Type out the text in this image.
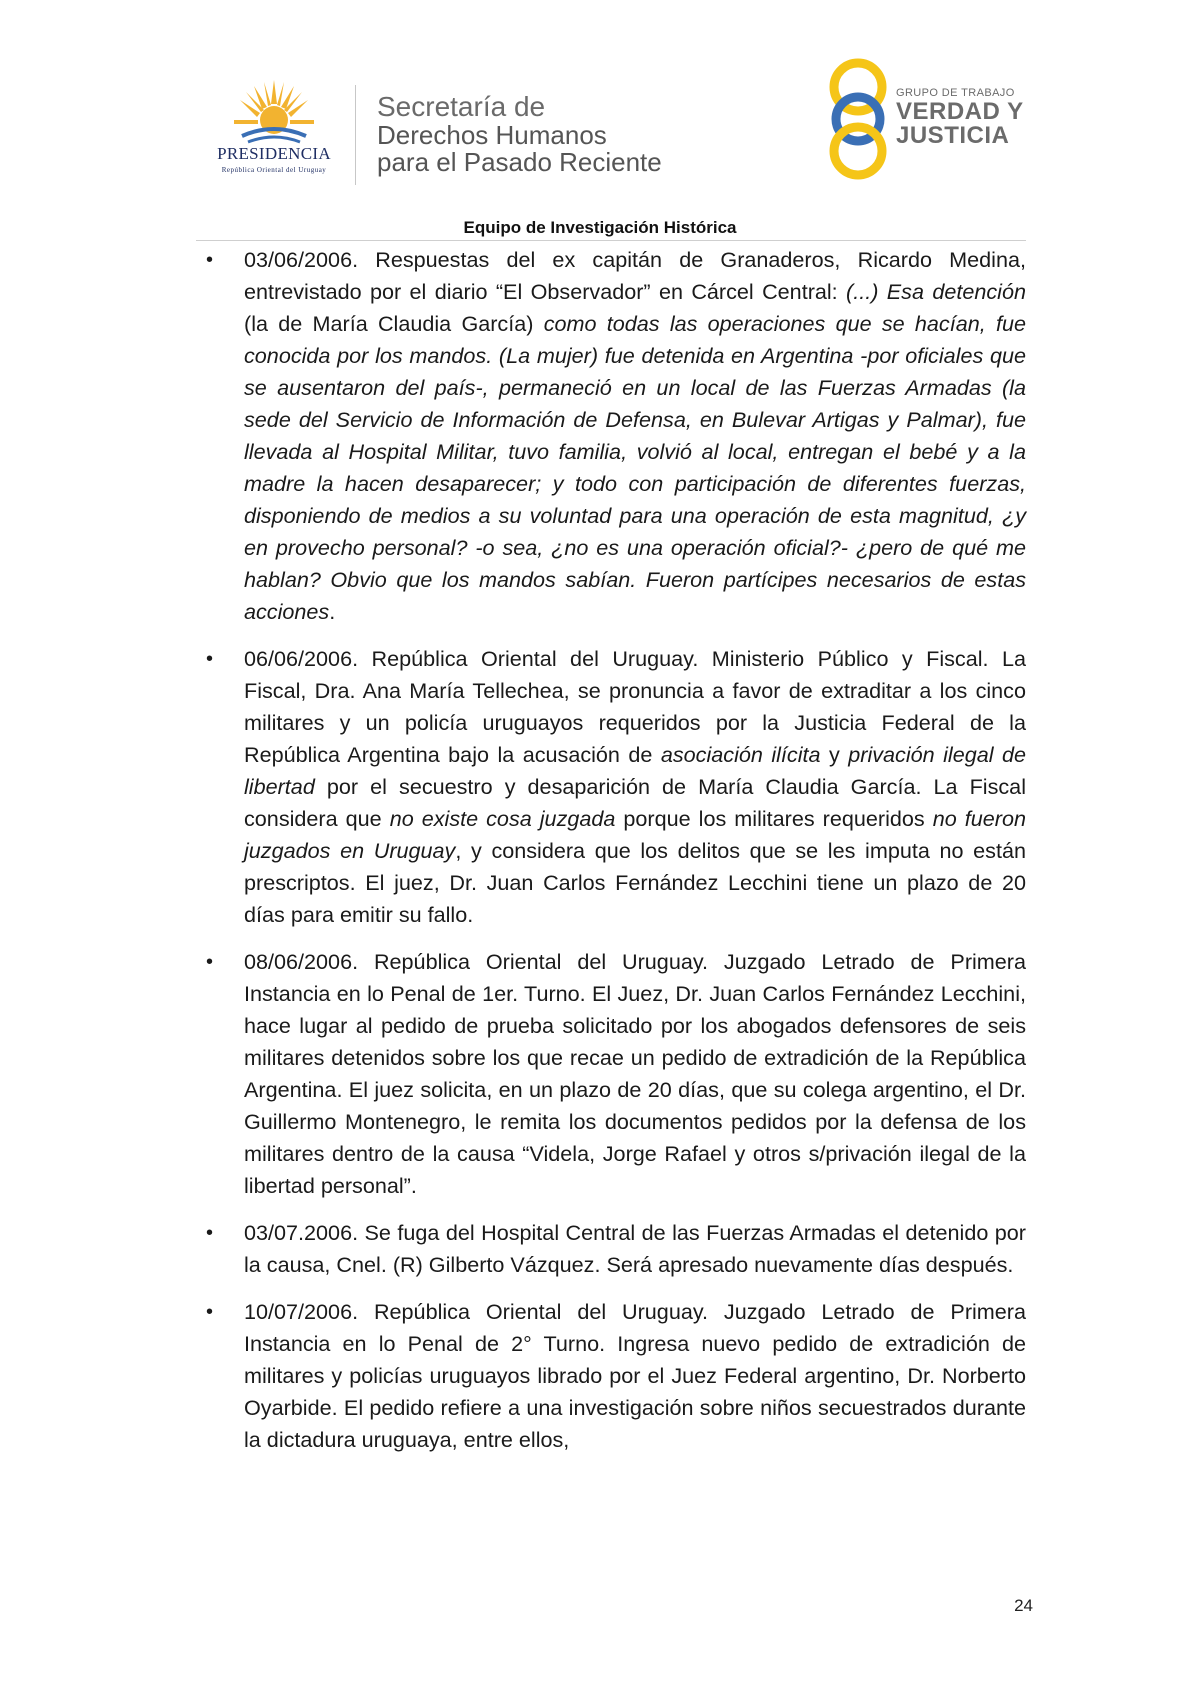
PRESIDENCIA
República Oriental del Uruguay
Secretaría de
Derechos Humanos
para el Pasado Reciente
GRUPO DE TRABAJO
VERDAD Y
JUSTICIA
Equipo de Investigación Histórica
• 03/06/2006. Respuestas del ex capitán de Granaderos, Ricardo Medina, entrevistado por el diario “El Observador” en Cárcel Central: (...) Esa detención (la de María Claudia García) como todas las operaciones que se hacían, fue conocida por los mandos. (La mujer) fue detenida en Argentina -por oficiales que se ausentaron del país-, permaneció en un local de las Fuerzas Armadas (la sede del Servicio de Información de Defensa, en Bulevar Artigas y Palmar), fue llevada al Hospital Militar, tuvo familia, volvió al local, entregan el bebé y a la madre la hacen desaparecer; y todo con participación de diferentes fuerzas, disponiendo de medios a su voluntad para una operación de esta magnitud, ¿y en provecho personal? -o sea, ¿no es una operación oficial?- ¿pero de qué me hablan? Obvio que los mandos sabían. Fueron partícipes necesarios de estas acciones.
• 06/06/2006. República Oriental del Uruguay. Ministerio Público y Fiscal. La Fiscal, Dra. Ana María Tellechea, se pronuncia a favor de extraditar a los cinco militares y un policía uruguayos requeridos por la Justicia Federal de la República Argentina bajo la acusación de asociación ilícita y privación ilegal de libertad por el secuestro y desaparición de María Claudia García. La Fiscal considera que no existe cosa juzgada porque los militares requeridos no fueron juzgados en Uruguay, y considera que los delitos que se les imputa no están prescriptos. El juez, Dr. Juan Carlos Fernández Lecchini tiene un plazo de 20 días para emitir su fallo.
• 08/06/2006. República Oriental del Uruguay. Juzgado Letrado de Primera Instancia en lo Penal de 1er. Turno. El Juez, Dr. Juan Carlos Fernández Lecchini, hace lugar al pedido de prueba solicitado por los abogados defensores de seis militares detenidos sobre los que recae un pedido de extradición de la República Argentina. El juez solicita, en un plazo de 20 días, que su colega argentino, el Dr. Guillermo Montenegro, le remita los documentos pedidos por la defensa de los militares dentro de la causa “Videla, Jorge Rafael y otros s/privación ilegal de la libertad personal”.
• 03/07.2006. Se fuga del Hospital Central de las Fuerzas Armadas el detenido por la causa, Cnel. (R) Gilberto Vázquez. Será apresado nuevamente días después.
• 10/07/2006. República Oriental del Uruguay. Juzgado Letrado de Primera Instancia en lo Penal de 2° Turno. Ingresa nuevo pedido de extradición de militares y policías uruguayos librado por el Juez Federal argentino, Dr. Norberto Oyarbide. El pedido refiere a una investigación sobre niños secuestrados durante la dictadura uruguaya, entre ellos,
24
